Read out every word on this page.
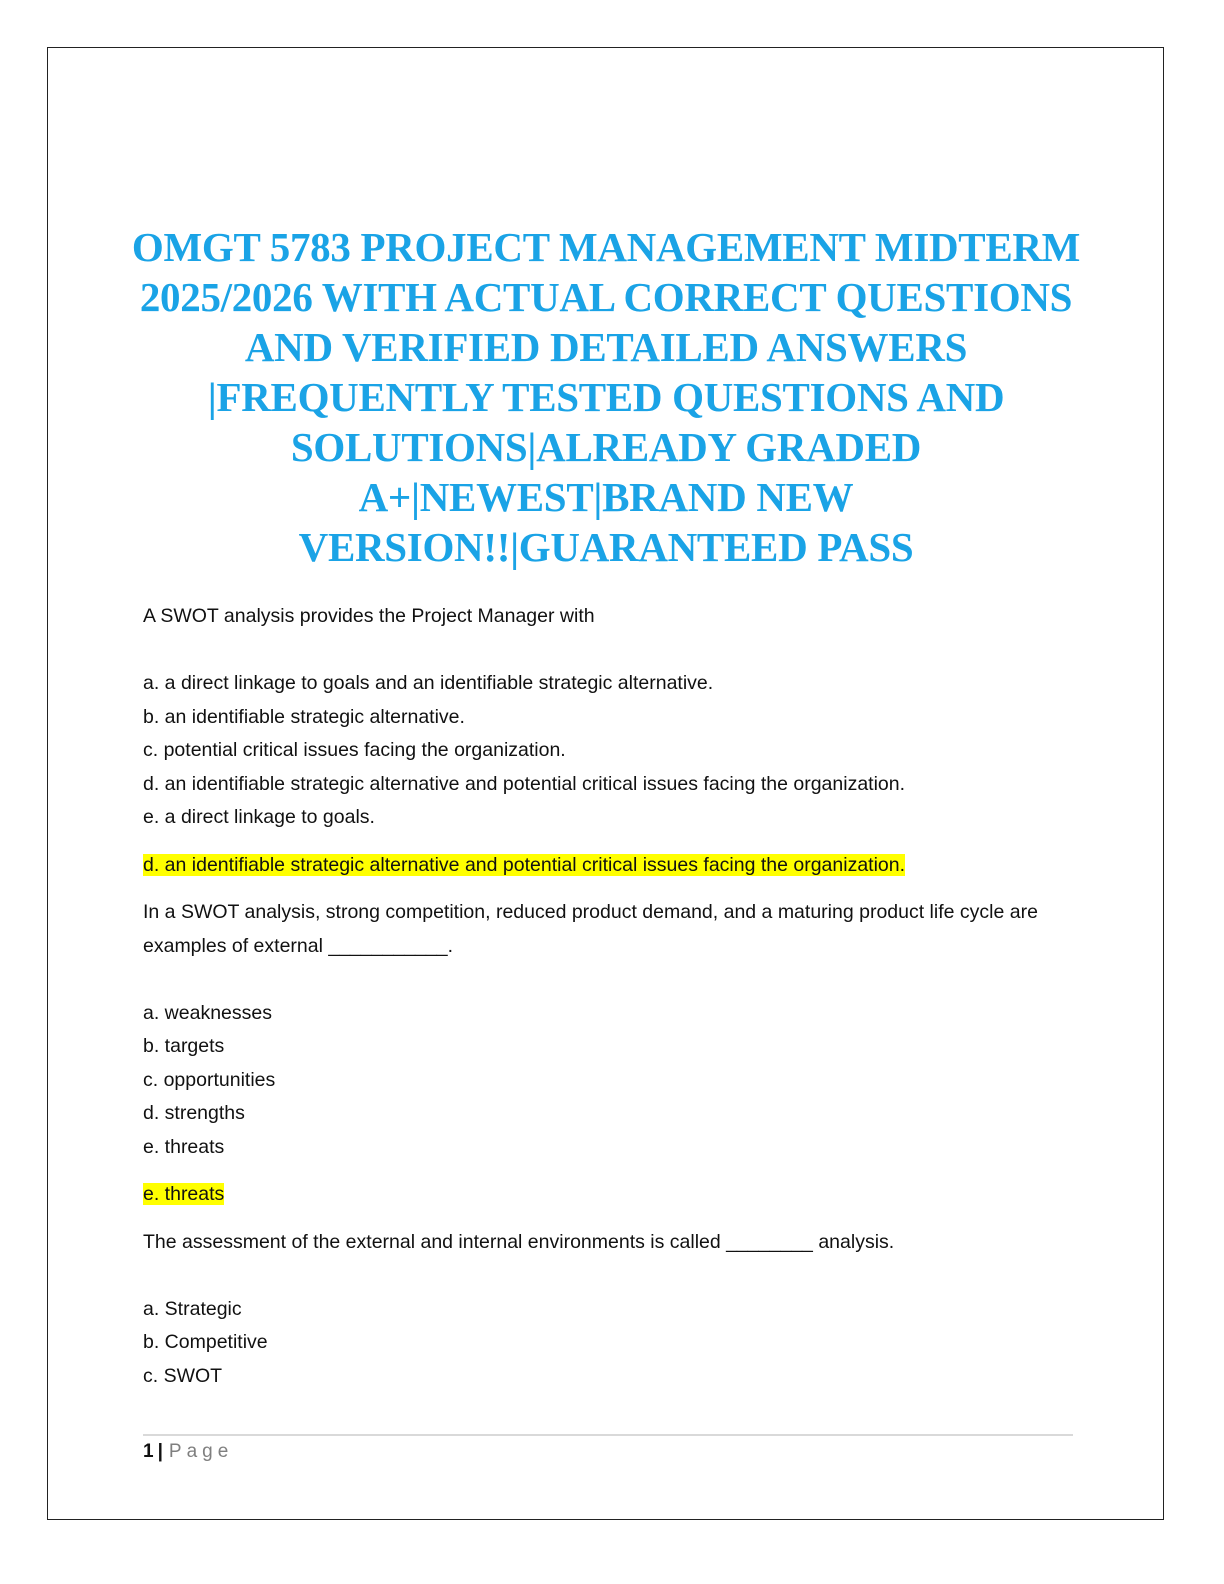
OMGT 5783 PROJECT MANAGEMENT MIDTERM 2025/2026 WITH ACTUAL CORRECT QUESTIONS AND VERIFIED DETAILED ANSWERS |FREQUENTLY TESTED QUESTIONS AND SOLUTIONS|ALREADY GRADED A+|NEWEST|BRAND NEW VERSION!!|GUARANTEED PASS

A SWOT analysis provides the Project Manager with

a. a direct linkage to goals and an identifiable strategic alternative.

b. an identifiable strategic alternative.

c. potential critical issues facing the organization.

d. an identifiable strategic alternative and potential critical issues facing the organization.

e. a direct linkage to goals.

d. an identifiable strategic alternative and potential critical issues facing the organization.

In a SWOT analysis, strong competition, reduced product demand, and a maturing product life cycle are examples of external ___________.

a. weaknesses

b. targets

c. opportunities

d. strengths

e. threats

e. threats

The assessment of the external and internal environments is called ________ analysis.

a. Strategic

b. Competitive

c. SWOT

1 | Page
